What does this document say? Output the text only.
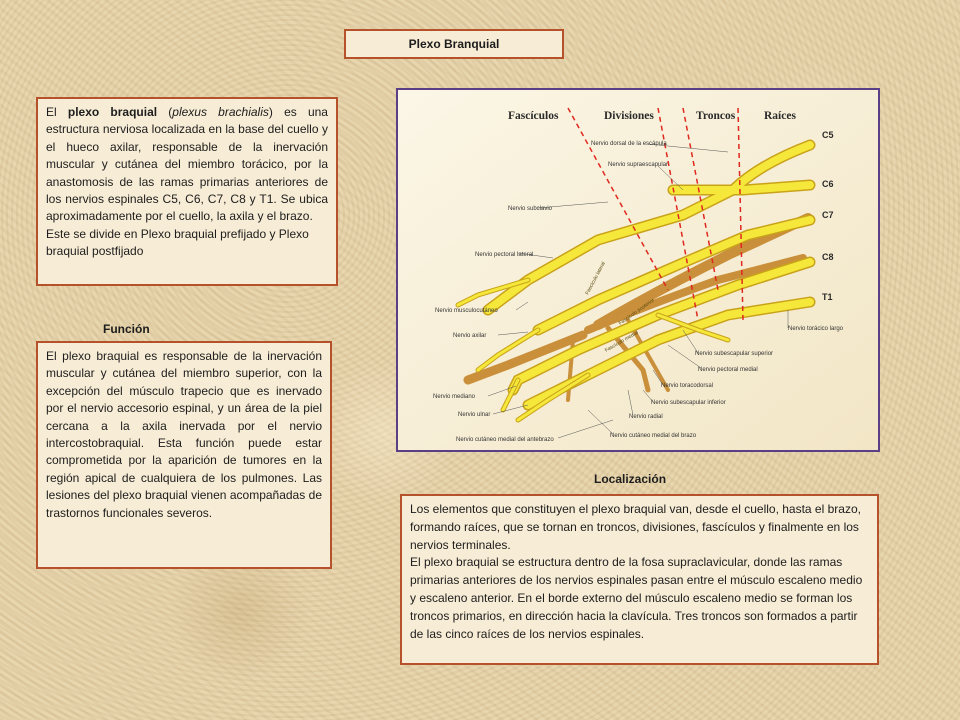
Plexo Branquial

El plexo braquial (plexus brachialis) es una estructura nerviosa localizada en la base del cuello y el hueco axilar, responsable de la inervación muscular y cutánea del miembro torácico, por la anastomosis de las ramas primarias anteriores de los nervios espinales C5, C6, C7, C8 y T1. Se ubica aproximadamente por el cuello, la axila y el brazo.

Este se divide en Plexo braquial prefijado y Plexo braquial postfijado

Función

El plexo braquial es responsable de la inervación muscular y cutánea del miembro superior, con la excepción del músculo trapecio que es inervado por el nervio accesorio espinal, y un área de la piel cercana a la axila inervada por el nervio intercostobraquial. Esta función puede estar comprometida por la aparición de tumores en la región apical de cualquiera de los pulmones. Las lesiones del plexo braquial vienen acompañadas de trastornos funcionales severos.

Fascículos	Divisiones	Troncos	Raíces
C5
C6
C7
C8
T1
Fascículo lateral
Fascículo posterior
Fascículo medial
Nervio dorsal de la escápula
Nervio supraescapular
Nervio subclavio
Nervio pectoral lateral
Nervio musculocutáneo
Nervio axilar
Nervio mediano
Nervio ulnar
Nervio cutáneo medial del antebrazo
Nervio torácico largo
Nervio subescapular superior
Nervio pectoral medial
Nervio toracodorsal
Nervio subescapular inferior
Nervio radial
Nervio cutáneo medial del brazo
Localización

Los elementos que constituyen el plexo braquial van, desde el cuello, hasta el brazo, formando raíces, que se tornan en troncos, divisiones, fascículos y finalmente en los nervios terminales.

El plexo braquial se estructura dentro de la fosa supraclavicular, donde las ramas primarias anteriores de los nervios espinales pasan entre el músculo escaleno medio y escaleno anterior. En el borde externo del músculo escaleno medio se forman los troncos primarios, en dirección hacia la clavícula. Tres troncos son formados a partir de las cinco raíces de los nervios espinales.
